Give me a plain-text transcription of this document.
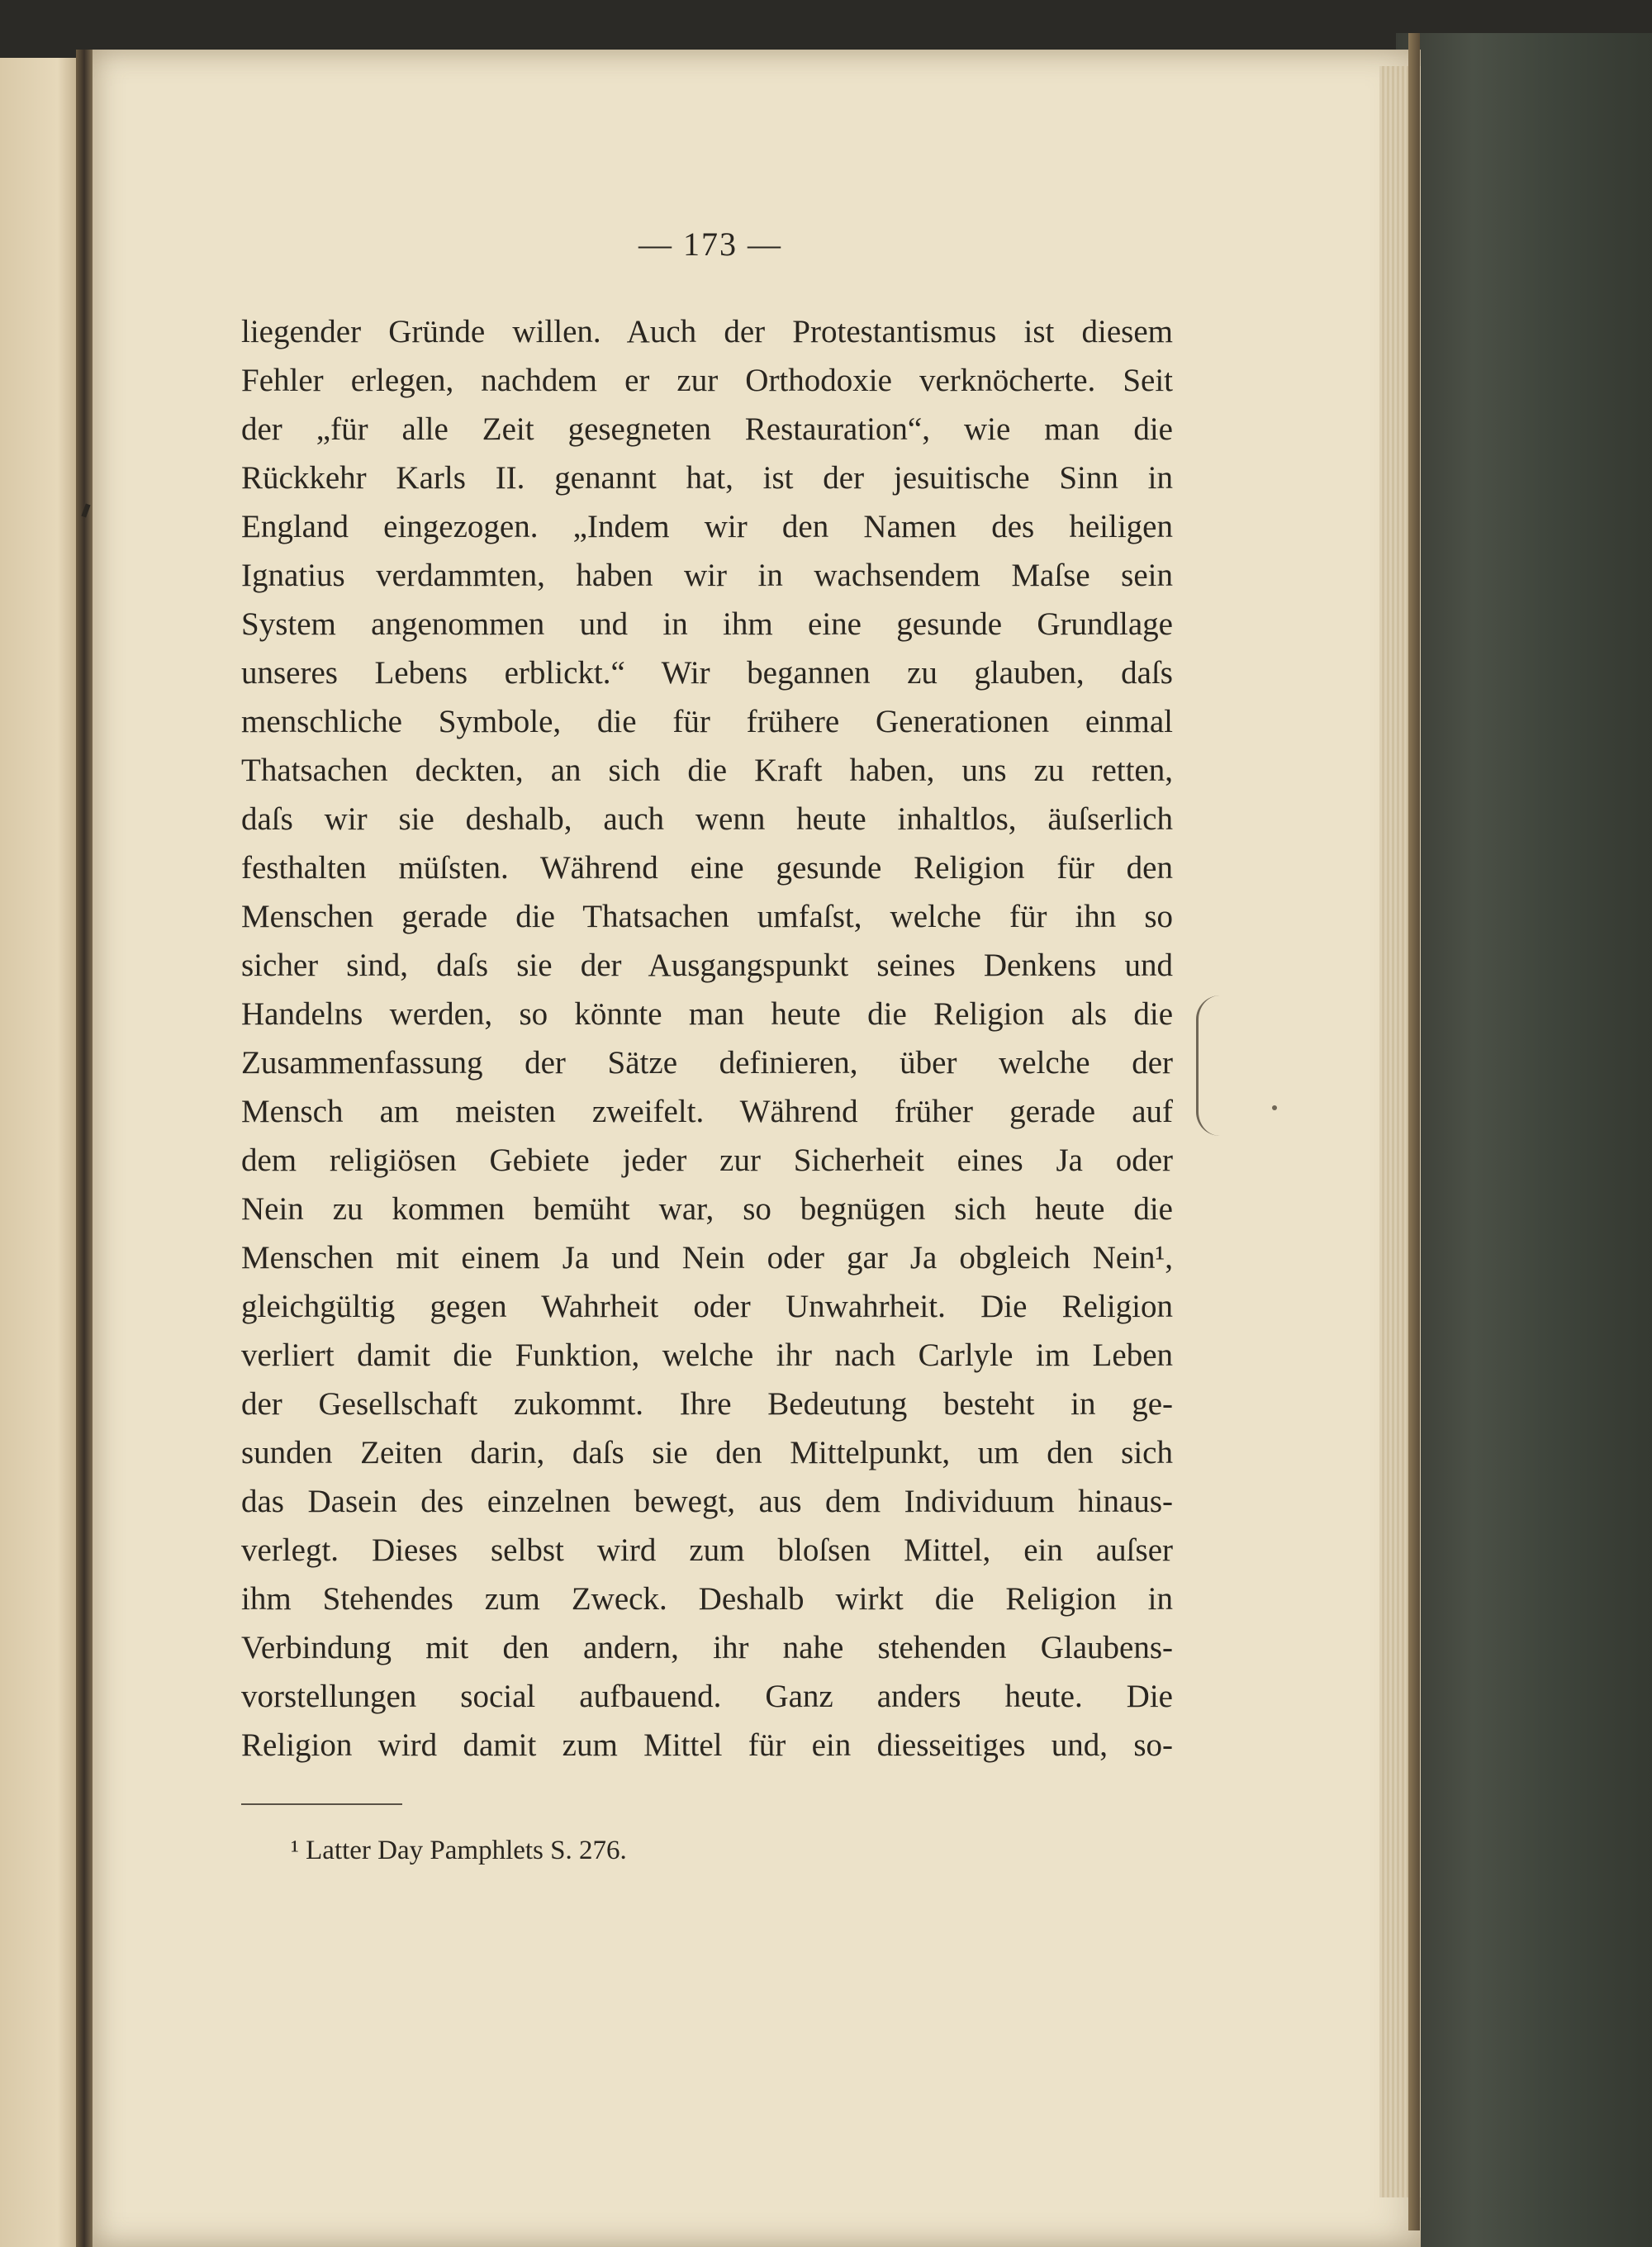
— 173 —
liegender Gründe willen. Auch der Protestantismus ist diesem
Fehler erlegen, nachdem er zur Orthodoxie verknöcherte. Seit
der „für alle Zeit gesegneten Restauration“, wie man die
Rückkehr Karls II. genannt hat, ist der jesuitische Sinn in
England eingezogen. „Indem wir den Namen des heiligen
Ignatius verdammten, haben wir in wachsendem Maſse sein
System angenommen und in ihm eine gesunde Grundlage
unseres Lebens erblickt.“ Wir begannen zu glauben, daſs
menschliche Symbole, die für frühere Generationen einmal
Thatsachen deckten, an sich die Kraft haben, uns zu retten,
daſs wir sie deshalb, auch wenn heute inhaltlos, äuſserlich
festhalten müſsten. Während eine gesunde Religion für den
Menschen gerade die Thatsachen umfaſst, welche für ihn so
sicher sind, daſs sie der Ausgangspunkt seines Denkens und
Handelns werden, so könnte man heute die Religion als die
Zusammenfassung der Sätze definieren, über welche der
Mensch am meisten zweifelt. Während früher gerade auf
dem religiösen Gebiete jeder zur Sicherheit eines Ja oder
Nein zu kommen bemüht war, so begnügen sich heute die
Menschen mit einem Ja und Nein oder gar Ja obgleich Nein¹,
gleichgültig gegen Wahrheit oder Unwahrheit. Die Religion
verliert damit die Funktion, welche ihr nach Carlyle im Leben
der Gesellschaft zukommt. Ihre Bedeutung besteht in ge-
sunden Zeiten darin, daſs sie den Mittelpunkt, um den sich
das Dasein des einzelnen bewegt, aus dem Individuum hinaus-
verlegt. Dieses selbst wird zum bloſsen Mittel, ein auſser
ihm Stehendes zum Zweck. Deshalb wirkt die Religion in
Verbindung mit den andern, ihr nahe stehenden Glaubens-
vorstellungen social aufbauend. Ganz anders heute. Die
Religion wird damit zum Mittel für ein diesseitiges und, so-
¹ Latter Day Pamphlets S. 276.
